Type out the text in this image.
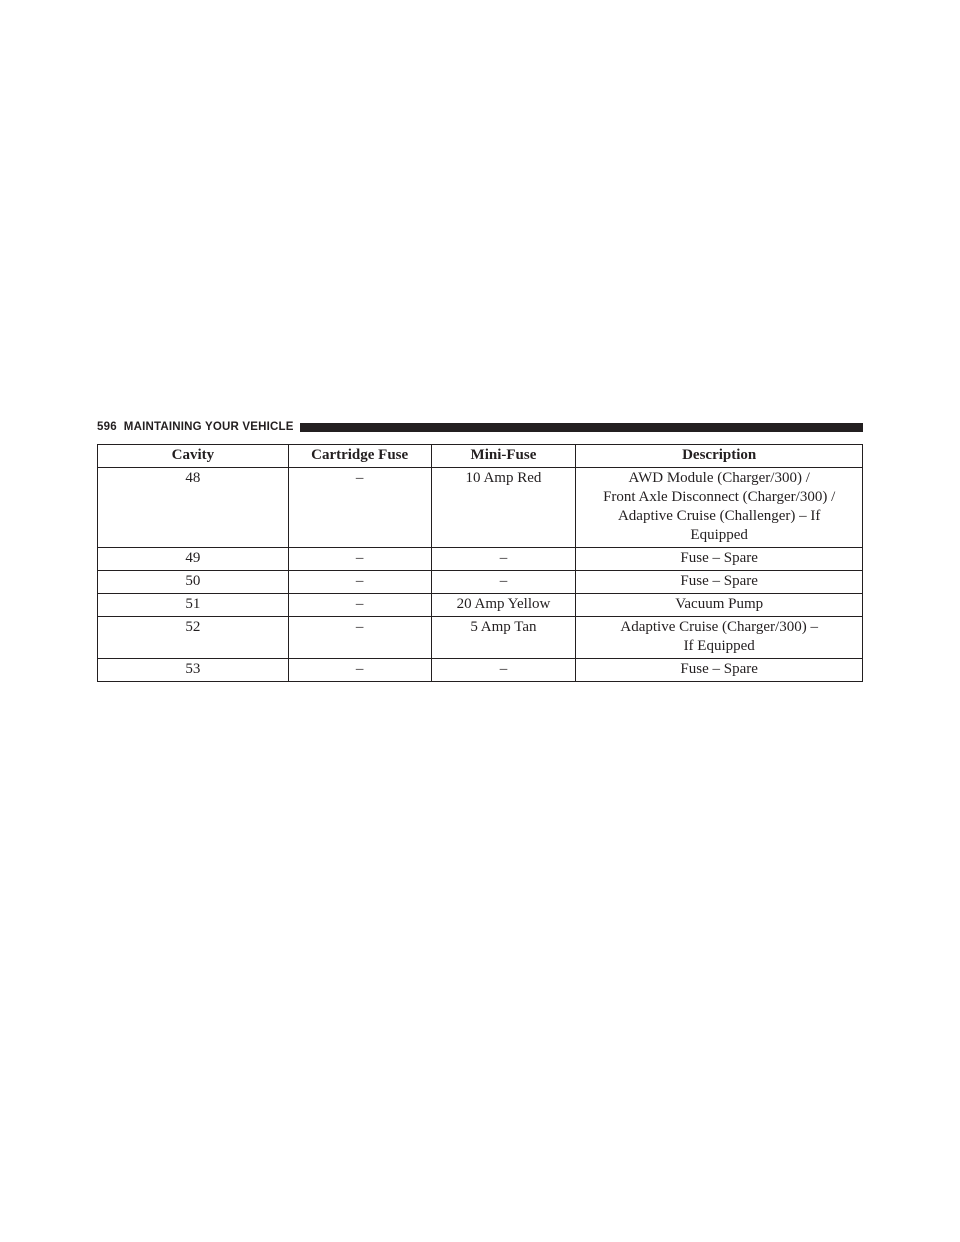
596 MAINTAINING YOUR VEHICLE
Cavity	Cartridge Fuse	Mini-Fuse	Description
48	–	10 Amp Red	AWD Module (Charger/300) /
Front Axle Disconnect (Charger/300) /
Adaptive Cruise (Challenger) – If
Equipped

49	–	–	Fuse – Spare

50	–	–	Fuse – Spare

51	–	20 Amp Yellow	Vacuum Pump

52	–	5 Amp Tan	Adaptive Cruise (Charger/300) –
If Equipped

53	–	–	Fuse – Spare
